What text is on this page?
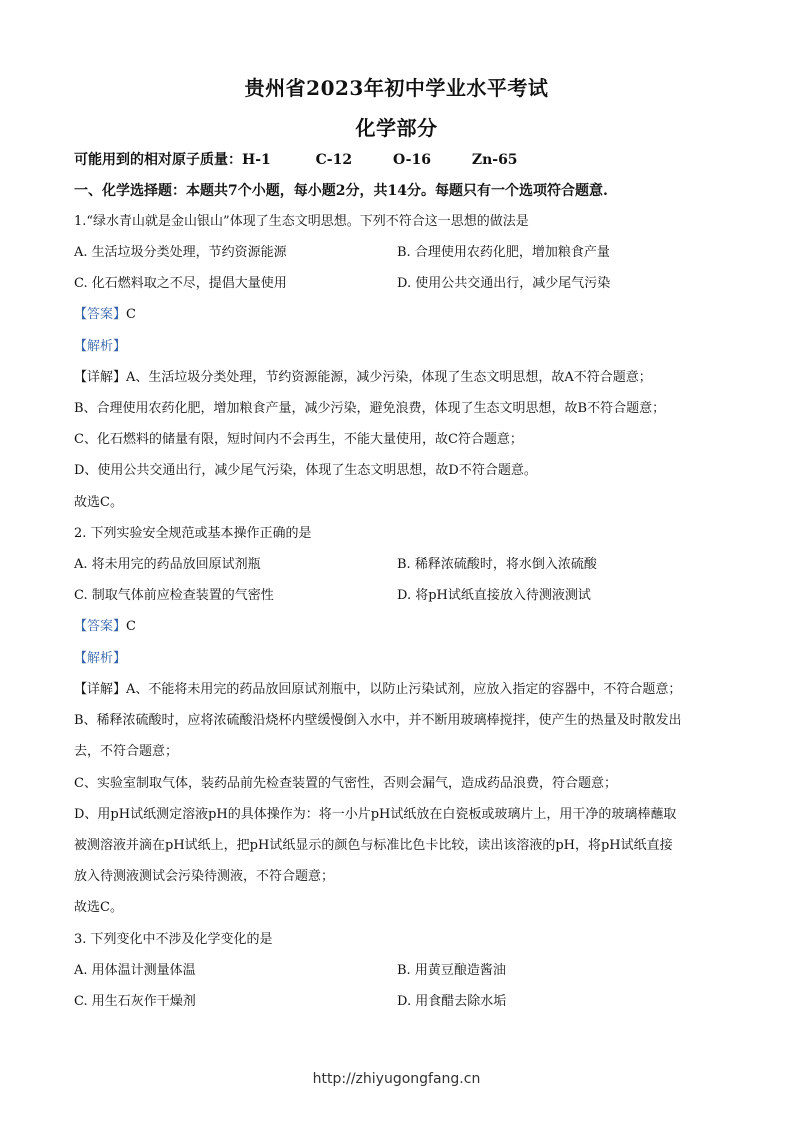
贵州省2023年初中学业水平考试
化学部分
可能用到的相对原子质量：H-1	C-12	O-16	Zn-65
一、化学选择题：本题共7个小题，每小题2分，共14分。每题只有一个选项符合题意.
1.“绿水青山就是金山银山”体现了生态文明思想。下列不符合这一思想的做法是
A. 生活垃圾分类处理，节约资源能源	B. 合理使用农药化肥，增加粮食产量
C. 化石燃料取之不尽，提倡大量使用	D. 使用公共交通出行，减少尾气污染
【答案】C
【解析】
【详解】A、生活垃圾分类处理，节约资源能源，减少污染，体现了生态文明思想，故A不符合题意；
B、合理使用农药化肥，增加粮食产量，减少污染，避免浪费，体现了生态文明思想，故B不符合题意；
C、化石燃料的储量有限，短时间内不会再生，不能大量使用，故C符合题意；
D、使用公共交通出行，减少尾气污染，体现了生态文明思想，故D不符合题意。
故选C。
2. 下列实验安全规范或基本操作正确的是
A. 将未用完的药品放回原试剂瓶	B. 稀释浓硫酸时，将水倒入浓硫酸
C. 制取气体前应检查装置的气密性	D. 将pH试纸直接放入待测液测试
【答案】C
【解析】
【详解】A、不能将未用完的药品放回原试剂瓶中，以防止污染试剂，应放入指定的容器中，不符合题意；
B、稀释浓硫酸时，应将浓硫酸沿烧杯内壁缓慢倒入水中，并不断用玻璃棒搅拌，使产生的热量及时散发出
去，不符合题意；
C、实验室制取气体，装药品前先检查装置的气密性，否则会漏气，造成药品浪费，符合题意；
D、用pH试纸测定溶液pH的具体操作为：将一小片pH试纸放在白瓷板或玻璃片上，用干净的玻璃棒蘸取
被测溶液并滴在pH试纸上，把pH试纸显示的颜色与标准比色卡比较，读出该溶液的pH，将pH试纸直接
放入待测液测试会污染待测液，不符合题意；
故选C。
3. 下列变化中不涉及化学变化的是
A. 用体温计测量体温	B. 用黄豆酿造酱油
C. 用生石灰作干燥剂	D. 用食醋去除水垢
http://zhiyugongfang.cn
